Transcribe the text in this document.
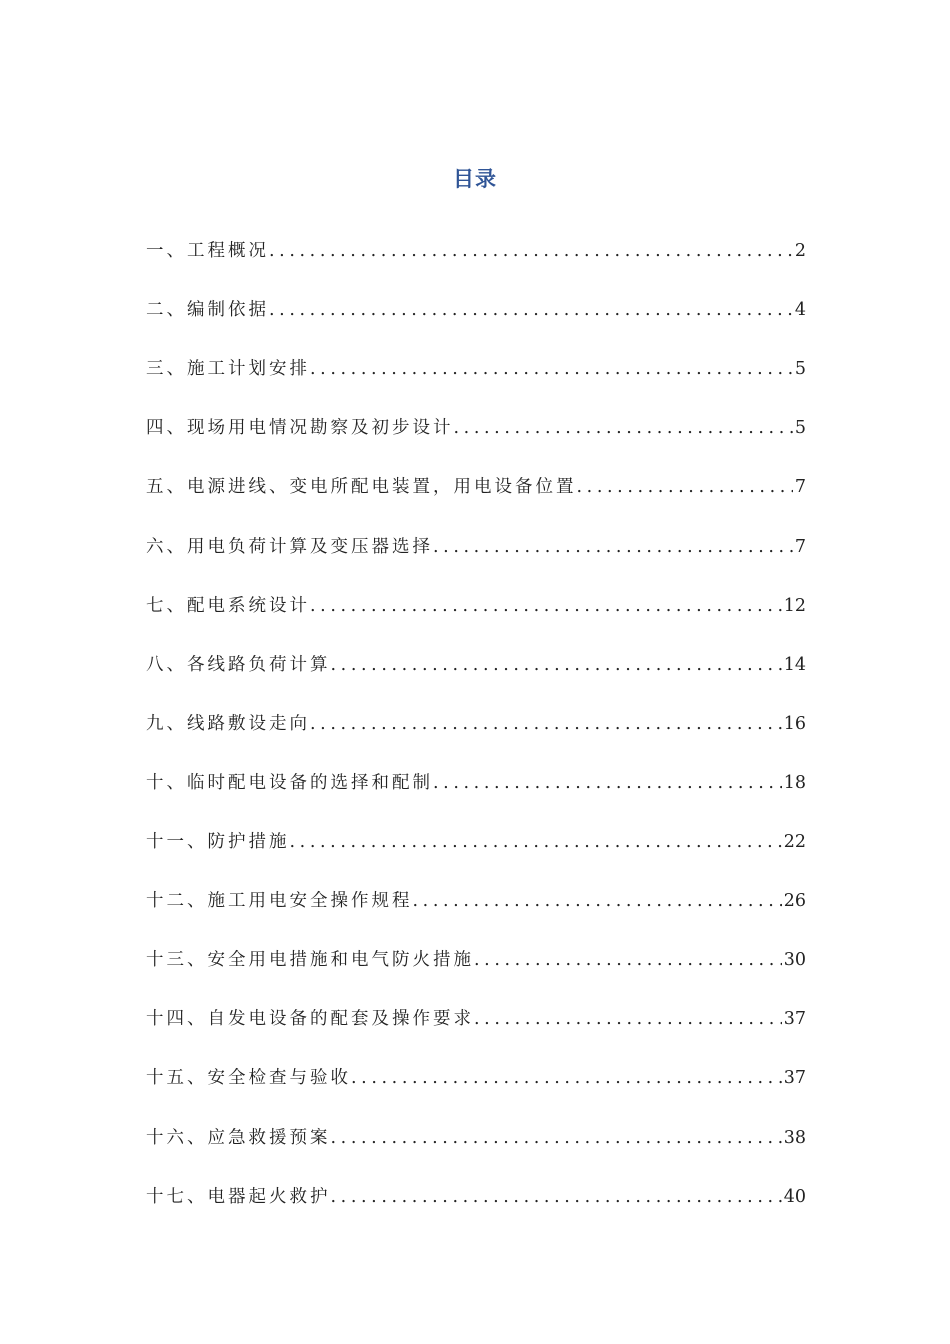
目录
一、工程概况 .....	2
二、编制依据 .....	4
三、施工计划安排 .....	5
四、现场用电情况勘察及初步设计 .....	5
五、电源进线、变电所配电装置，用电设备位置 .....	7
六、用电负荷计算及变压器选择 .....	7
七、配电系统设计 .....	12
八、各线路负荷计算 .....	14
九、线路敷设走向 .....	16
十、临时配电设备的选择和配制 .....	18
十一、防护措施 .....	22
十二、施工用电安全操作规程 .....	26
十三、安全用电措施和电气防火措施 .....	30
十四、自发电设备的配套及操作要求 .....	37
十五、安全检查与验收 .....	37
十六、应急救援预案 .....	38
十七、电器起火救护 .....	40
